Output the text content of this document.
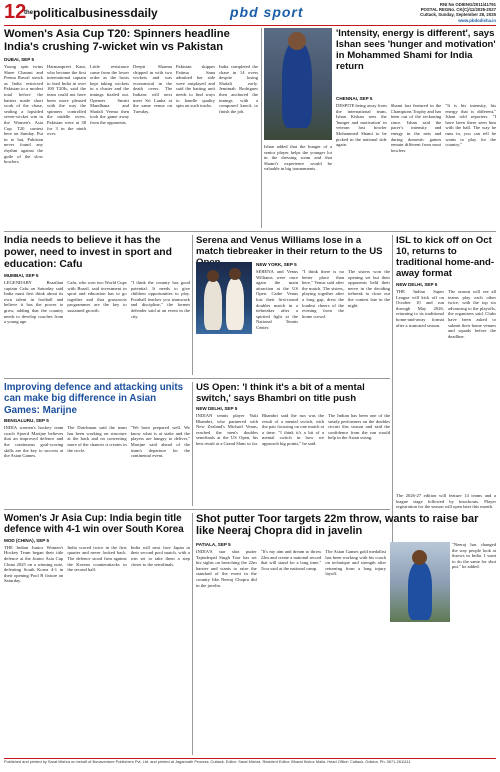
12
$^{the}$politicalbusinessdaily	pbd sport	RNI No ODIENG/2011/41791
POSTAL REGNo. CK(C)/11/2025-2027
Cuttack, Sunday, September 28, 2025
www.pbdodisha.in
Women's Asia Cup T20: Spinners headline India's crushing 7-wicket win vs Pakistan
DUBAI, SEP 5
Young spin twins Shree Charani and Prema Rawal struck as India restricted Pakistan to a modest total before the batters made short work of the chase, sealing a lopsided seven-wicket win in the Women's Asia Cup T20 contest here on Sunday. Put in to bat, Pakistan never found any rhythm against the guile of the slow bowlers.
Harmanpreet Kaur, who became the first international captain to lead India in over 100 T20Is, said the team could not have been more pleased with the way the spinners controlled the middle overs. Pakistan were at 38 for 3 in the ninth over.
Little resistance came from the lower order as the hosts kept taking wickets in a cluster and the innings fizzled out. Openers Smriti Mandhana and Shafali Verma then took the game away from the opponents.
Deepti Sharma chipped in with two wickets and was economical in the death overs. The Indians will next meet Sri Lanka at the same venue on Tuesday.
Pakistan skipper Fatima Sana admitted her side were outplayed and said the batting unit needs to find ways to handle quality spin on such tracks.
India completed the chase in 14 overs despite losing Shafali early. Jemimah Rodrigues then anchored the innings with a composed knock to finish the job.
'Intensity, energy is different', says Ishan sees 'hunger and motivation' in Mohammed Shami for India return
CHENNAI, SEP 5
DESPITE being away from the international team, Ishan Kishan sees the 'hunger and motivation' in veteran fast bowler Mohammed Shami to be picked in the national side again.
Shami last featured in the Champions Trophy and has been out of the reckoning since. Ishan said the pacer's intensity and energy in the nets and during domestic games remain different from most bowlers.
"It is his intensity, his energy that is different," Ishan told reporters. "I have been there seen him with the ball. The way he runs in, you can tell he wants to play for the country."
Ishan added that the hunger of a senior player helps the younger lot in the dressing room and that Shami's experience would be valuable in big tournaments.
India needs to believe it has the power, need to invest in sport and education: Cafu
MUMBAI, SEP 5
LEGENDARY Brazilian captain Cafu on Saturday said India must first think about its own talent in football and believe it has the power to grow, adding that the country needs to develop coaches from a young age.
Cafu, who won two World Cups with Brazil, said investment in sport and education has to go together and that grassroots programmes are the key to sustained growth.
"I think the country has good potential. It needs to give children opportunities to play. Football teaches you teamwork and discipline," the former defender said at an event in the city.
Serena and Venus Williams lose in a match tiebreaker in their return to the US
NEW YORK, SEP 5
SERENA and Venus Williams were once again the main attraction at the US Open. Cadre Venus lost their first-round doubles match in a tiebreaker after a spirited fight at the National Tennis Center.
"I think there is no better place than here," Venus said after the match. The sisters, playing together after a long gap, drew the loudest cheers of the evening from the home crowd.
The sisters won the opening set but their opponents held their nerve in the deciding tiebreak to close out the contest late in the night.
ISL to kick off on Oct 10, returns to traditional home-and-away format
NEW DELHI, SEP 5
THE Indian Super League will kick off on October 10 and run through May 2026, returning to its traditional home-and-away format after a truncated season.
The season will see all teams play each other twice, with the top six advancing to the playoffs, the organisers said. Clubs have been asked to submit their home venues and squads before the deadline.
The 2026-27 edition will feature 14 teams and a league stage followed by knockouts. Player registration for the season will open later this month.
Improving defence and attacking units can make big difference in Asian Games: Marijne
BENGALURU, SEP 5
INDIA women's hockey team coach Sjoerd Marijne believes that an improved defence and the continuous goal-scoring skills are the key to success at the Asian Games.
The Dutchman said the team has been working on structure at the back and on converting more of the chances it creates in the circle.
"We have prepared well. We know what is at stake and the players are hungry to deliver," Marijne said ahead of the team's departure for the continental event.
US Open: 'I think it's a bit of a mental switch,' says Bhambri on title push
NEW DELHI, SEP 5
INDIAN tennis player Yuki Bhambri, who partnered with New Zealand's Michael Venus, reached the men's doubles semifinals at the US Open, his best result at a Grand Slam so far.
Bhambri said the run was the result of a mental switch, with the pair focusing on one match at a time. "I think it's a bit of a mental switch in how we approach big points," he said.
The Indian has been one of the steady performers on the doubles circuit this season and said the confidence from the run would help in the Asian swing.
Women's Jr Asia Cup: India begin title defence with 4-1 win over South Korea
MOD (CHINA), SEP 5
THE Indian Junior Women's Hockey Team began their title defence at the Junior Asia Cup China 2025 on a winning note, defeating South Korea 4-1 in their opening Pool B fixture on Saturday.
India scored twice in the first quarter and never looked back. The defence stood firm against the Korean counterattacks in the second half.
India will next face Japan in their second pool match, with a win set to take them a step closer to the semifinals.
Shot putter Toor targets 22m throw, wants to raise bar like Neeraj Chopra did in javelin
PATIALA, SEP 5
INDIA'S star shot putter Tajinderpal Singh Toor has set his sights on breaching the 22m barrier and wants to raise the standard of the event in the country like Neeraj Chopra did in the javelin.
"It's my aim and dream to throw 22m and create a national record that will stand for a long time," Toor said at the national camp.
The Asian Games gold medallist has been working with his coach on technique and strength after returning from a long injury layoff.
"Neeraj has changed the way people look at throws in India. I want to do the same for shot put," he added.
Published and printed by Sarat Mishra on behalf of Bonaventure Publishers Pvt. Ltd. and printed at Jagannath Process, Cuttack. Editor: Sarat Mishra. Resident Editor: Bharat Kishor Malla. Head Office: Cuttack, Odisha. Ph: 0671-2611111
